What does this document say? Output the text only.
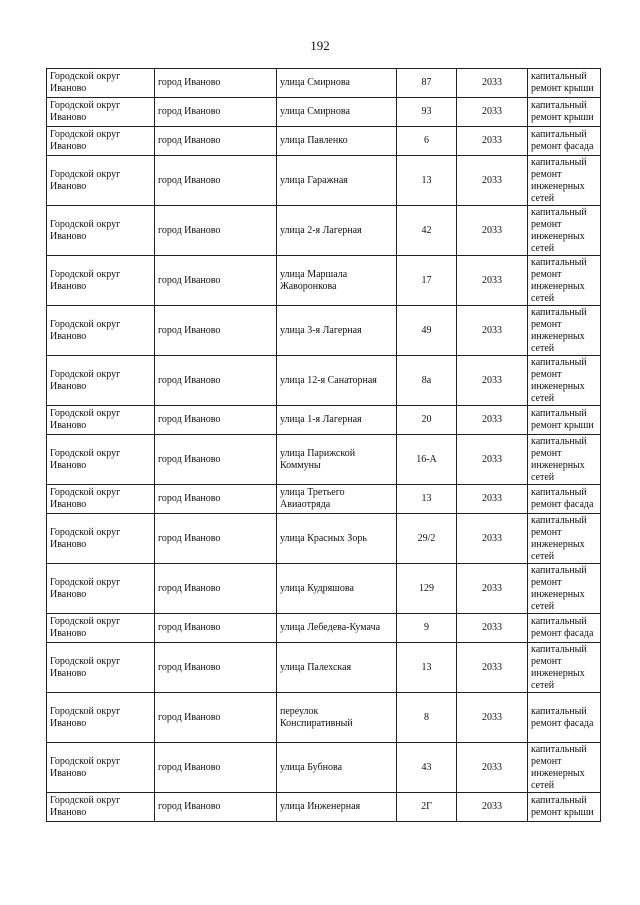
192
Городской округ Иваново	город Иваново	улица Смирнова	87	2033	капитальный ремонт крыши
Городской округ Иваново	город Иваново	улица Смирнова	93	2033	капитальный ремонт крыши
Городской округ Иваново	город Иваново	улица Павленко	6	2033	капитальный ремонт фасада
Городской округ Иваново	город Иваново	улица Гаражная	13	2033	капитальный ремонт инженерных сетей
Городской округ Иваново	город Иваново	улица 2-я Лагерная	42	2033	капитальный ремонт инженерных сетей
Городской округ Иваново	город Иваново	улица Маршала Жаворонкова	17	2033	капитальный ремонт инженерных сетей
Городской округ Иваново	город Иваново	улица 3-я Лагерная	49	2033	капитальный ремонт инженерных сетей
Городской округ Иваново	город Иваново	улица 12-я Санаторная	8а	2033	капитальный ремонт инженерных сетей
Городской округ Иваново	город Иваново	улица 1-я Лагерная	20	2033	капитальный ремонт крыши
Городской округ Иваново	город Иваново	улица Парижской Коммуны	16-А	2033	капитальный ремонт инженерных сетей
Городской округ Иваново	город Иваново	улица Третьего Авиаотряда	13	2033	капитальный ремонт фасада
Городской округ Иваново	город Иваново	улица Красных Зорь	29/2	2033	капитальный ремонт инженерных сетей
Городской округ Иваново	город Иваново	улица Кудряшова	129	2033	капитальный ремонт инженерных сетей
Городской округ Иваново	город Иваново	улица Лебедева-Кумача	9	2033	капитальный ремонт фасада
Городской округ Иваново	город Иваново	улица Палехская	13	2033	капитальный ремонт инженерных сетей
Городской округ Иваново	город Иваново	переулок Конспиративный	8	2033	капитальный ремонт фасада
Городской округ Иваново	город Иваново	улица Бубнова	43	2033	капитальный ремонт инженерных сетей
Городской округ Иваново	город Иваново	улица Инженерная	2Г	2033	капитальный ремонт крыши
